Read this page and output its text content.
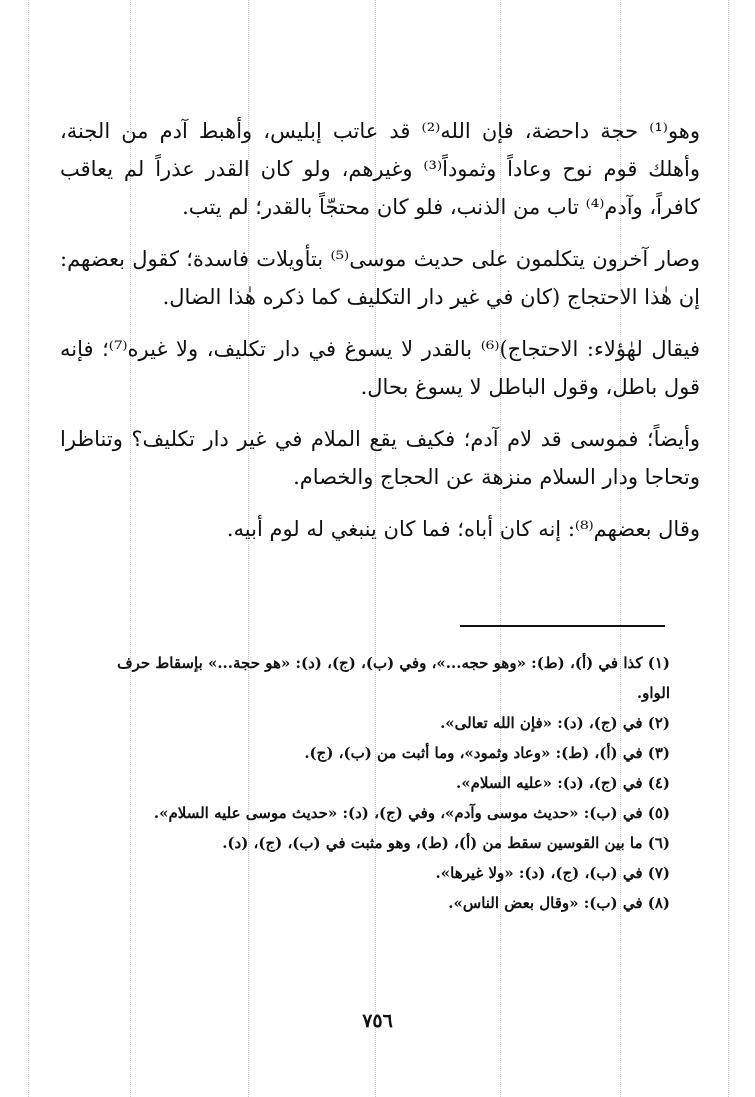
وهو⁽¹⁾ حجة داحضة، فإن الله⁽²⁾ قد عاتب إبليس، وأهبط آدم من الجنة، وأهلك قوم نوح وعاداً وثموداً⁽³⁾ وغيرهم، ولو كان القدر عذراً لم يعاقب كافراً، وآدم⁽⁴⁾ تاب من الذنب، فلو كان محتجّاً بالقدر؛ لم يتب.

وصار آخرون يتكلمون على حديث موسى⁽⁵⁾ بتأويلات فاسدة؛ كقول بعضهم: إن هٰذا الاحتجاج (كان في غير دار التكليف كما ذكره هٰذا الضال.

فيقال لهٰؤلاء: الاحتجاج)⁽⁶⁾ بالقدر لا يسوغ في دار تكليف، ولا غيره⁽⁷⁾؛ فإنه قول باطل، وقول الباطل لا يسوغ بحال.

وأيضاً؛ فموسى قد لام آدم؛ فكيف يقع الملام في غير دار تكليف؟ وتناظرا وتحاجا ودار السلام منزهة عن الحجاج والخصام.

وقال بعضهم⁽⁸⁾: إنه كان أباه؛ فما كان ينبغي له لوم أبيه.

(١) كذا في (أ)، (ط): «وهو حجه...»، وفي (ب)، (ج)، (د): «هو حجة...» بإسقاط حرف الواو.

(٢) في (ج)، (د): «فإن الله تعالى».

(٣) في (أ)، (ط): «وعاد وثمود»، وما أثبت من (ب)، (ج).

(٤) في (ج)، (د): «عليه السلام».

(٥) في (ب): «حديث موسى وآدم»، وفي (ج)، (د): «حديث موسى عليه السلام».

(٦) ما بين القوسين سقط من (أ)، (ط)، وهو مثبت في (ب)، (ج)، (د).

(٧) في (ب)، (ج)، (د): «ولا غيرها».

(٨) في (ب): «وقال بعض الناس».

٧٥٦
